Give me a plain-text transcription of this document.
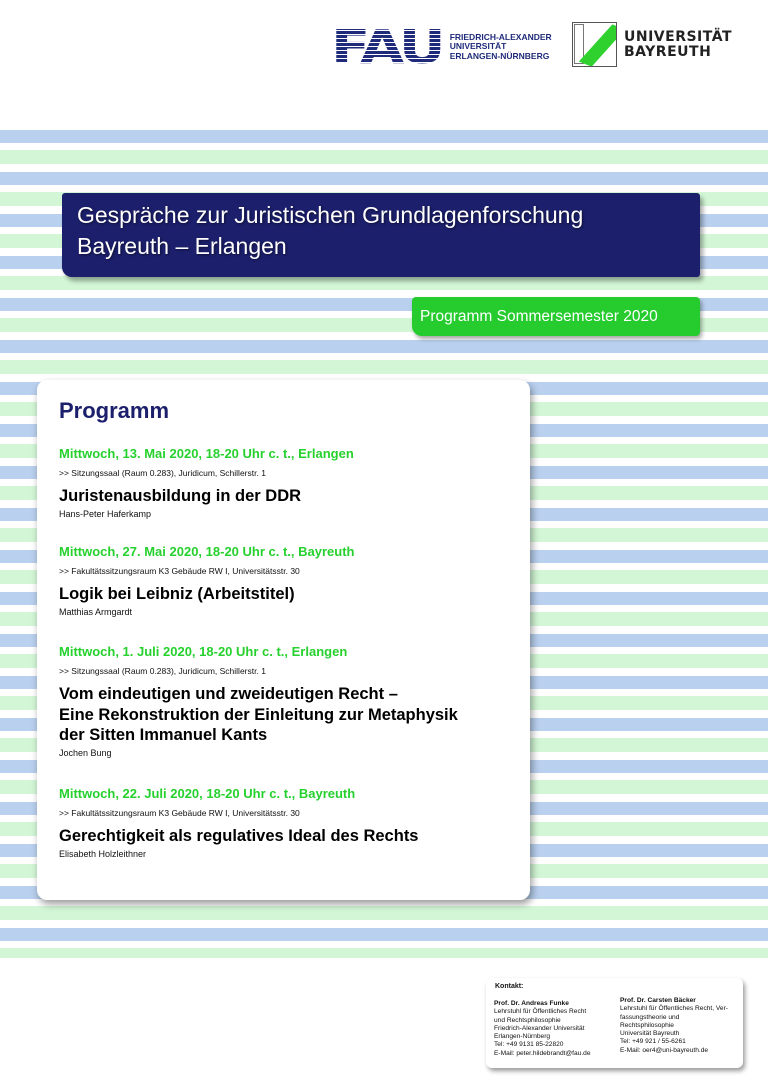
FAU FRIEDRICH-ALEXANDER
UNIVERSITÄT
ERLANGEN-NÜRNBERG
UNIVERSITÄT
BAYREUTH
Gespräche zur Juristischen Grundlagenforschung
Bayreuth – Erlangen
Programm Sommersemester 2020
Programm
Mittwoch, 13. Mai 2020, 18-20 Uhr c. t., Erlangen
>> Sitzungssaal (Raum 0.283), Juridicum, Schillerstr. 1
Juristenausbildung in der DDR
Hans-Peter Haferkamp
Mittwoch, 27. Mai 2020, 18-20 Uhr c. t., Bayreuth
>> Fakultätssitzungsraum K3 Gebäude RW I, Universitätsstr. 30
Logik bei Leibniz (Arbeitstitel)
Matthias Armgardt
Mittwoch, 1. Juli 2020, 18-20 Uhr c. t., Erlangen
>> Sitzungssaal (Raum 0.283), Juridicum, Schillerstr. 1
Vom eindeutigen und zweideutigen Recht –
Eine Rekonstruktion der Einleitung zur Metaphysik
der Sitten Immanuel Kants
Jochen Bung
Mittwoch, 22. Juli 2020, 18-20 Uhr c. t., Bayreuth
>> Fakultätssitzungsraum K3 Gebäude RW I, Universitätsstr. 30
Gerechtigkeit als regulatives Ideal des Rechts
Elisabeth Holzleithner
Kontakt:
Prof. Dr. Andreas Funke
Lehrstuhl für Öffentliches Recht
und Rechtsphilosophie
Friedrich-Alexander Universität
Erlangen-Nürnberg
Tel: +49 9131 85-22820
E-Mail: peter.hildebrandt@fau.de
Prof. Dr. Carsten Bäcker
Lehrstuhl für Öffentliches Recht, Ver-
fassungstheorie und
Rechtsphilosophie
Universität Bayreuth
Tel: +49 921 / 55-6261
E-Mail: oer4@uni-bayreuth.de
